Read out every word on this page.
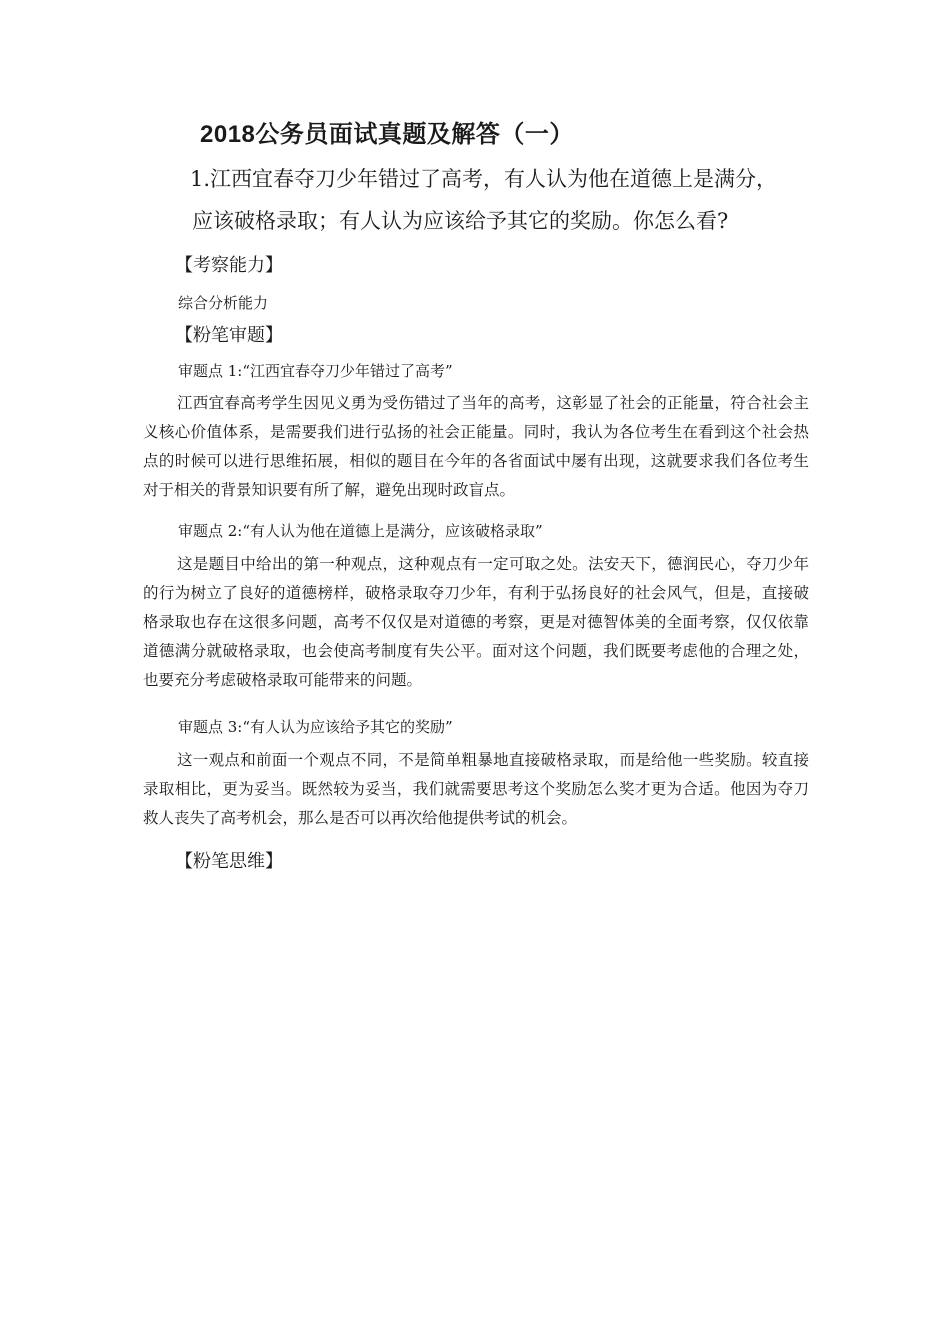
2018公务员面试真题及解答（一）
1.江西宜春夺刀少年错过了高考，有人认为他在道德上是满分，
应该破格录取；有人认为应该给予其它的奖励。你怎么看?
【考察能力】
综合分析能力
【粉笔审题】
审题点 1:“江西宜春夺刀少年错过了高考”
江西宜春高考学生因见义勇为受伤错过了当年的高考，这彰显了社会的正能量，符合社会主义核心价值体系，是需要我们进行弘扬的社会正能量。同时，我认为各位考生在看到这个社会热点的时候可以进行思维拓展，相似的题目在今年的各省面试中屡有出现，这就要求我们各位考生对于相关的背景知识要有所了解，避免出现时政盲点。
审题点 2:“有人认为他在道德上是满分，应该破格录取”
这是题目中给出的第一种观点，这种观点有一定可取之处。法安天下，德润民心，夺刀少年的行为树立了良好的道德榜样，破格录取夺刀少年，有利于弘扬良好的社会风气，但是，直接破格录取也存在这很多问题，高考不仅仅是对道德的考察，更是对德智体美的全面考察，仅仅依靠道德满分就破格录取，也会使高考制度有失公平。面对这个问题，我们既要考虑他的合理之处，也要充分考虑破格录取可能带来的问题。
审题点 3:“有人认为应该给予其它的奖励”
这一观点和前面一个观点不同，不是简单粗暴地直接破格录取，而是给他一些奖励。较直接录取相比，更为妥当。既然较为妥当，我们就需要思考这个奖励怎么奖才更为合适。他因为夺刀救人丧失了高考机会，那么是否可以再次给他提供考试的机会。
【粉笔思维】
